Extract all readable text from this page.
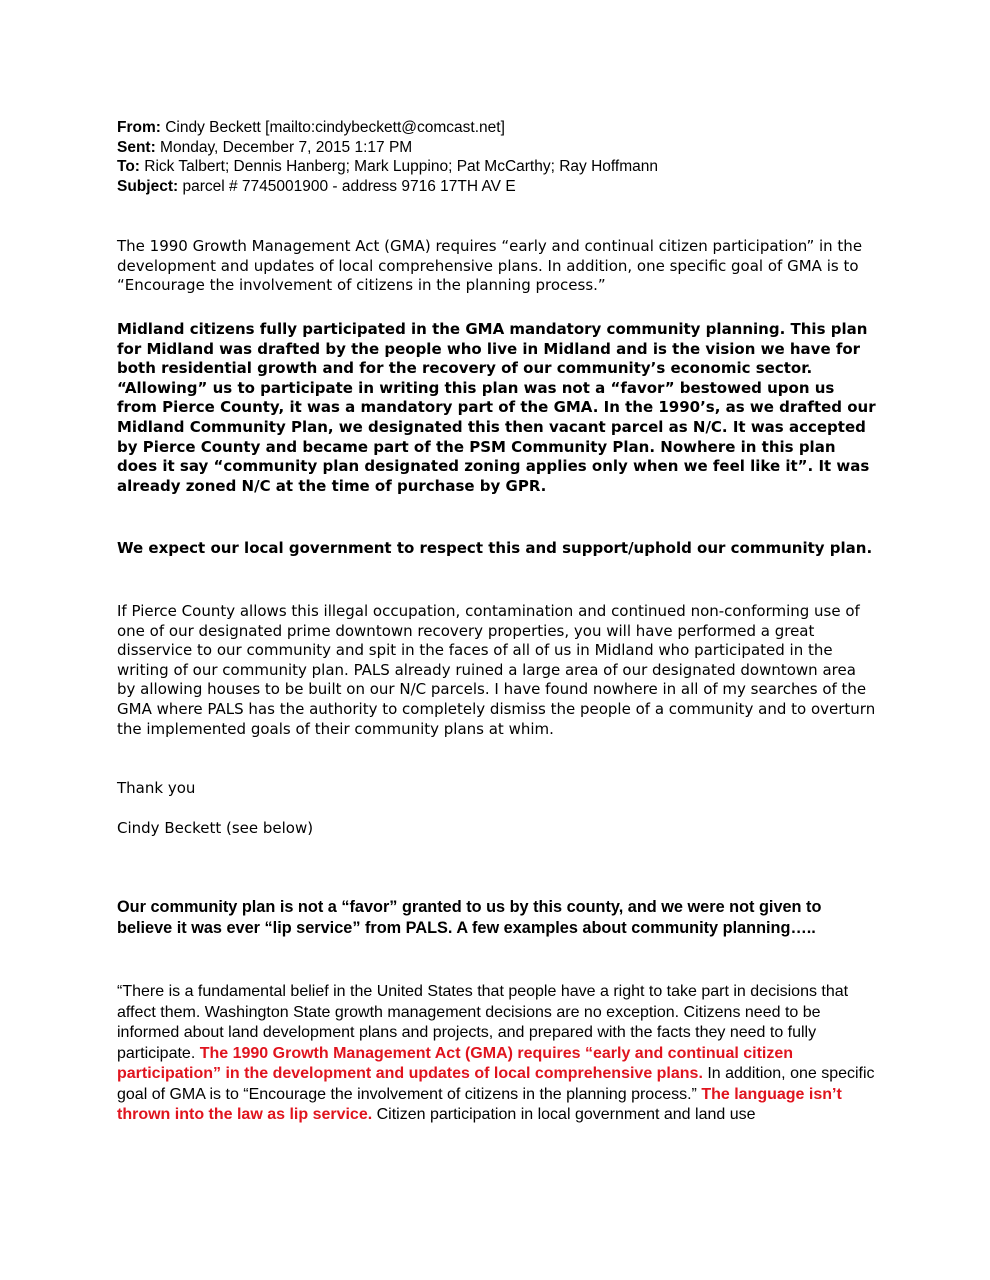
From: Cindy Beckett [mailto:cindybeckett@comcast.net]
Sent: Monday, December 7, 2015 1:17 PM
To: Rick Talbert; Dennis Hanberg; Mark Luppino; Pat McCarthy; Ray Hoffmann
Subject: parcel # 7745001900 - address 9716 17TH AV E
The 1990 Growth Management Act (GMA) requires “early and continual citizen participation” in the development and updates of local comprehensive plans. In addition, one specific goal of GMA is to “Encourage the involvement of citizens in the planning process.”
Midland citizens fully participated in the GMA mandatory community planning. This plan for Midland was drafted by the people who live in Midland and is the vision we have for both residential growth and for the recovery of our community’s economic sector. “Allowing” us to participate in writing this plan was not a “favor” bestowed upon us from Pierce County, it was a mandatory part of the GMA. In the 1990’s, as we drafted our Midland Community Plan, we designated this then vacant parcel as N/C. It was accepted by Pierce County and became part of the PSM Community Plan. Nowhere in this plan does it say “community plan designated zoning applies only when we feel like it”. It was already zoned N/C at the time of purchase by GPR.
We expect our local government to respect this and support/uphold our community plan.
If Pierce County allows this illegal occupation, contamination and continued non-conforming use of one of our designated prime downtown recovery properties, you will have performed a great disservice to our community and spit in the faces of all of us in Midland who participated in the writing of our community plan. PALS already ruined a large area of our designated downtown area by allowing houses to be built on our N/C parcels. I have found nowhere in all of my searches of the GMA where PALS has the authority to completely dismiss the people of a community and to overturn the implemented goals of their community plans at whim.
Thank you
Cindy Beckett (see below)
Our community plan is not a “favor” granted to us by this county, and we were not given to believe it was ever “lip service” from PALS. A few examples about community planning…..
“There is a fundamental belief in the United States that people have a right to take part in decisions that affect them. Washington State growth management decisions are no exception. Citizens need to be informed about land development plans and projects, and prepared with the facts they need to fully participate. The 1990 Growth Management Act (GMA) requires “early and continual citizen participation” in the development and updates of local comprehensive plans. In addition, one specific goal of GMA is to “Encourage the involvement of citizens in the planning process.” The language isn’t thrown into the law as lip service. Citizen participation in local government and land use
